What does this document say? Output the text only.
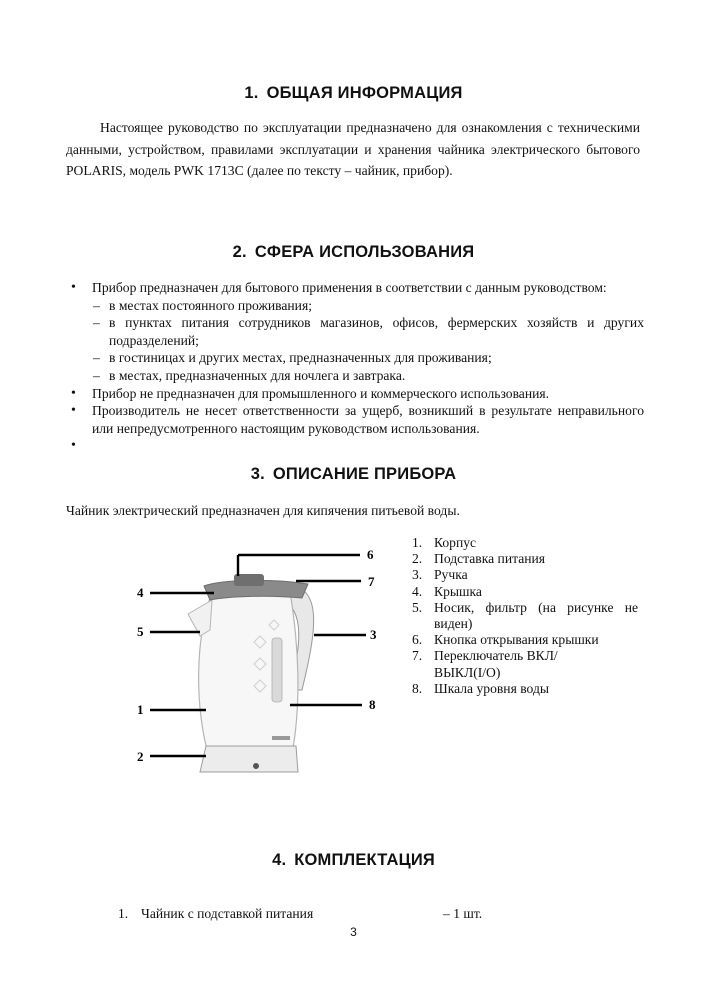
1. ОБЩАЯ ИНФОРМАЦИЯ

Настоящее руководство по эксплуатации предназначено для ознакомления с техническими данными, устройством, правилами эксплуатации и хранения чайника электрического бытового POLARIS, модель PWK 1713C (далее по тексту – чайник, прибор).

2. СФЕРА ИСПОЛЬЗОВАНИЯ
• Прибор предназначен для бытового применения в соответствии с данным руководством:
– в местах постоянного проживания;
– в пунктах питания сотрудников магазинов, офисов, фермерских хозяйств и других подразделений;
– в гостиницах и других местах, предназначенных для проживания;
– в местах, предназначенных для ночлега и завтрака.
• Прибор не предназначен для промышленного и коммерческого использования.
• Производитель не несет ответственности за ущерб, возникший в результате неправильного или непредусмотренного настоящим руководством использования.
•
3. ОПИСАНИЕ ПРИБОРА

Чайник электрический предназначен для кипячения питьевой воды.

6
7
4
5	3
1	8
2
1. Корпус
2. Подставка питания
3. Ручка
4. Крышка
5. Носик, фильтр (на рисунке не виден)
6. Кнопка открывания крышки
7. Переключатель ВКЛ/ВЫКЛ(I/O)
8. Шкала уровня воды
4. КОМПЛЕКТАЦИЯ
1. Чайник с подставкой питания	– 1 шт.
3
